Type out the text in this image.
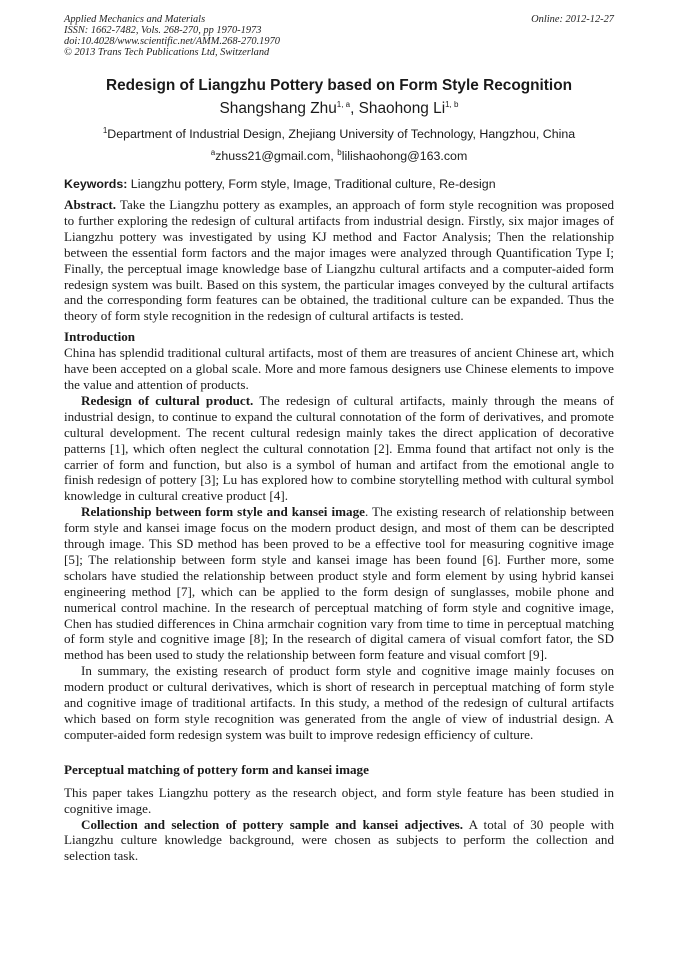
Applied Mechanics and Materials	Online: 2012-12-27
ISSN: 1662-7482, Vols. 268-270, pp 1970-1973
doi:10.4028/www.scientific.net/AMM.268-270.1970
© 2013 Trans Tech Publications Ltd, Switzerland
Redesign of Liangzhu Pottery based on Form Style Recognition
Shangshang Zhu$^{1, a}$, Shaohong Li$^{1, b}$
$^1$Department of Industrial Design, Zhejiang University of Technology, Hangzhou, China
$^a$zhuss21@gmail.com, $^b$lilishaohong@163.com
Keywords: Liangzhu pottery, Form style, Image, Traditional culture, Re-design

Abstract. Take the Liangzhu pottery as examples, an approach of form style recognition was proposed to further exploring the redesign of cultural artifacts from industrial design. Firstly, six major images of Liangzhu pottery was investigated by using KJ method and Factor Analysis; Then the relationship between the essential form factors and the major images were analyzed through Quantification Type I; Finally, the perceptual image knowledge base of Liangzhu cultural artifacts and a computer-aided form redesign system was built. Based on this system, the particular images conveyed by the cultural artifacts and the corresponding form features can be obtained, the traditional culture can be expanded. Thus the theory of form style recognition in the redesign of cultural artifacts is tested.

Introduction

China has splendid traditional cultural artifacts, most of them are treasures of ancient Chinese art, which have been accepted on a global scale. More and more famous designers use Chinese elements to impove the value and attention of products.

Redesign of cultural product. The redesign of cultural artifacts, mainly through the means of industrial design, to continue to expand the cultural connotation of the form of derivatives, and promote cultural development. The recent cultural redesign mainly takes the direct application of decorative patterns [1], which often neglect the cultural connotation [2]. Emma found that artifact not only is the carrier of form and function, but also is a symbol of human and artifact from the emotional angle to finish redesign of pottery [3]; Lu has explored how to combine storytelling method with cultural symbol knowledge in cultural creative product [4].

Relationship between form style and kansei image. The existing research of relationship between form style and kansei image focus on the modern product design, and most of them can be descripted through image. This SD method has been proved to be a effective tool for measuring cognitive image [5]; The relationship between form style and kansei image has been found [6]. Further more, some scholars have studied the relationship between product style and form element by using hybrid kansei engineering method [7], which can be applied to the form design of sunglasses, mobile phone and numerical control machine. In the research of perceptual matching of form style and cognitive image, Chen has studied differences in China armchair cognition vary from time to time in perceptual matching of form style and cognitive image [8]; In the research of digital camera of visual comfort fator, the SD method has been used to study the relationship between form feature and visual comfort [9].

In summary, the existing research of product form style and cognitive image mainly focuses on modern product or cultural derivatives, which is short of research in perceptual matching of form style and cognitive image of traditional artifacts. In this study, a method of the redesign of cultural artifacts which based on form style recognition was generated from the angle of view of industrial design. A computer-aided form redesign system was built to improve redesign efficiency of culture.

Perceptual matching of pottery form and kansei image

This paper takes Liangzhu pottery as the research object, and form style feature has been studied in cognitive image.

Collection and selection of pottery sample and kansei adjectives. A total of 30 people with Liangzhu culture knowledge background, were chosen as subjects to perform the collection and selection task.
